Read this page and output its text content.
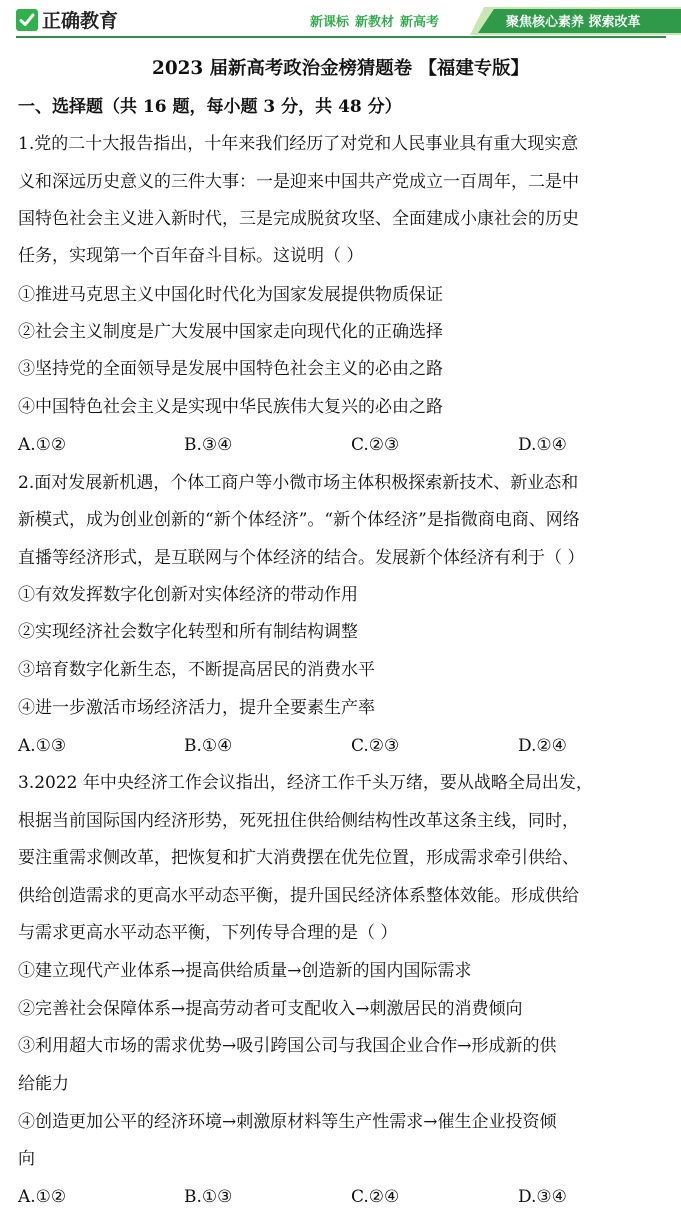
正确教育	新课标 新教材 新高考	聚焦核心素养 探索改革
2023 届新高考政治金榜猜题卷 【福建专版】
一、选择题（共 16 题，每小题 3 分，共 48 分）
1.党的二十大报告指出，十年来我们经历了对党和人民事业具有重大现实意
义和深远历史意义的三件大事：一是迎来中国共产党成立一百周年，二是中
国特色社会主义进入新时代，三是完成脱贫攻坚、全面建成小康社会的历史
任务，实现第一个百年奋斗目标。这说明（ ）
①推进马克思主义中国化时代化为国家发展提供物质保证
②社会主义制度是广大发展中国家走向现代化的正确选择
③坚持党的全面领导是发展中国特色社会主义的必由之路
④中国特色社会主义是实现中华民族伟大复兴的必由之路
A.①②	B.③④	C.②③	D.①④
2.面对发展新机遇，个体工商户等小微市场主体积极探索新技术、新业态和
新模式，成为创业创新的“新个体经济”。“新个体经济”是指微商电商、网络
直播等经济形式，是互联网与个体经济的结合。发展新个体经济有利于（ ）
①有效发挥数字化创新对实体经济的带动作用
②实现经济社会数字化转型和所有制结构调整
③培育数字化新生态，不断提高居民的消费水平
④进一步激活市场经济活力，提升全要素生产率
A.①③	B.①④	C.②③	D.②④
3.2022 年中央经济工作会议指出，经济工作千头万绪，要从战略全局出发，
根据当前国际国内经济形势，死死扭住供给侧结构性改革这条主线，同时，
要注重需求侧改革，把恢复和扩大消费摆在优先位置，形成需求牵引供给、
供给创造需求的更高水平动态平衡，提升国民经济体系整体效能。形成供给
与需求更高水平动态平衡，下列传导合理的是（ ）
①建立现代产业体系→提高供给质量→创造新的国内国际需求
②完善社会保障体系→提高劳动者可支配收入→刺激居民的消费倾向
③利用超大市场的需求优势→吸引跨国公司与我国企业合作→形成新的供
给能力
④创造更加公平的经济环境→刺激原材料等生产性需求→催生企业投资倾
向
A.①②	B.①③	C.②④	D.③④
